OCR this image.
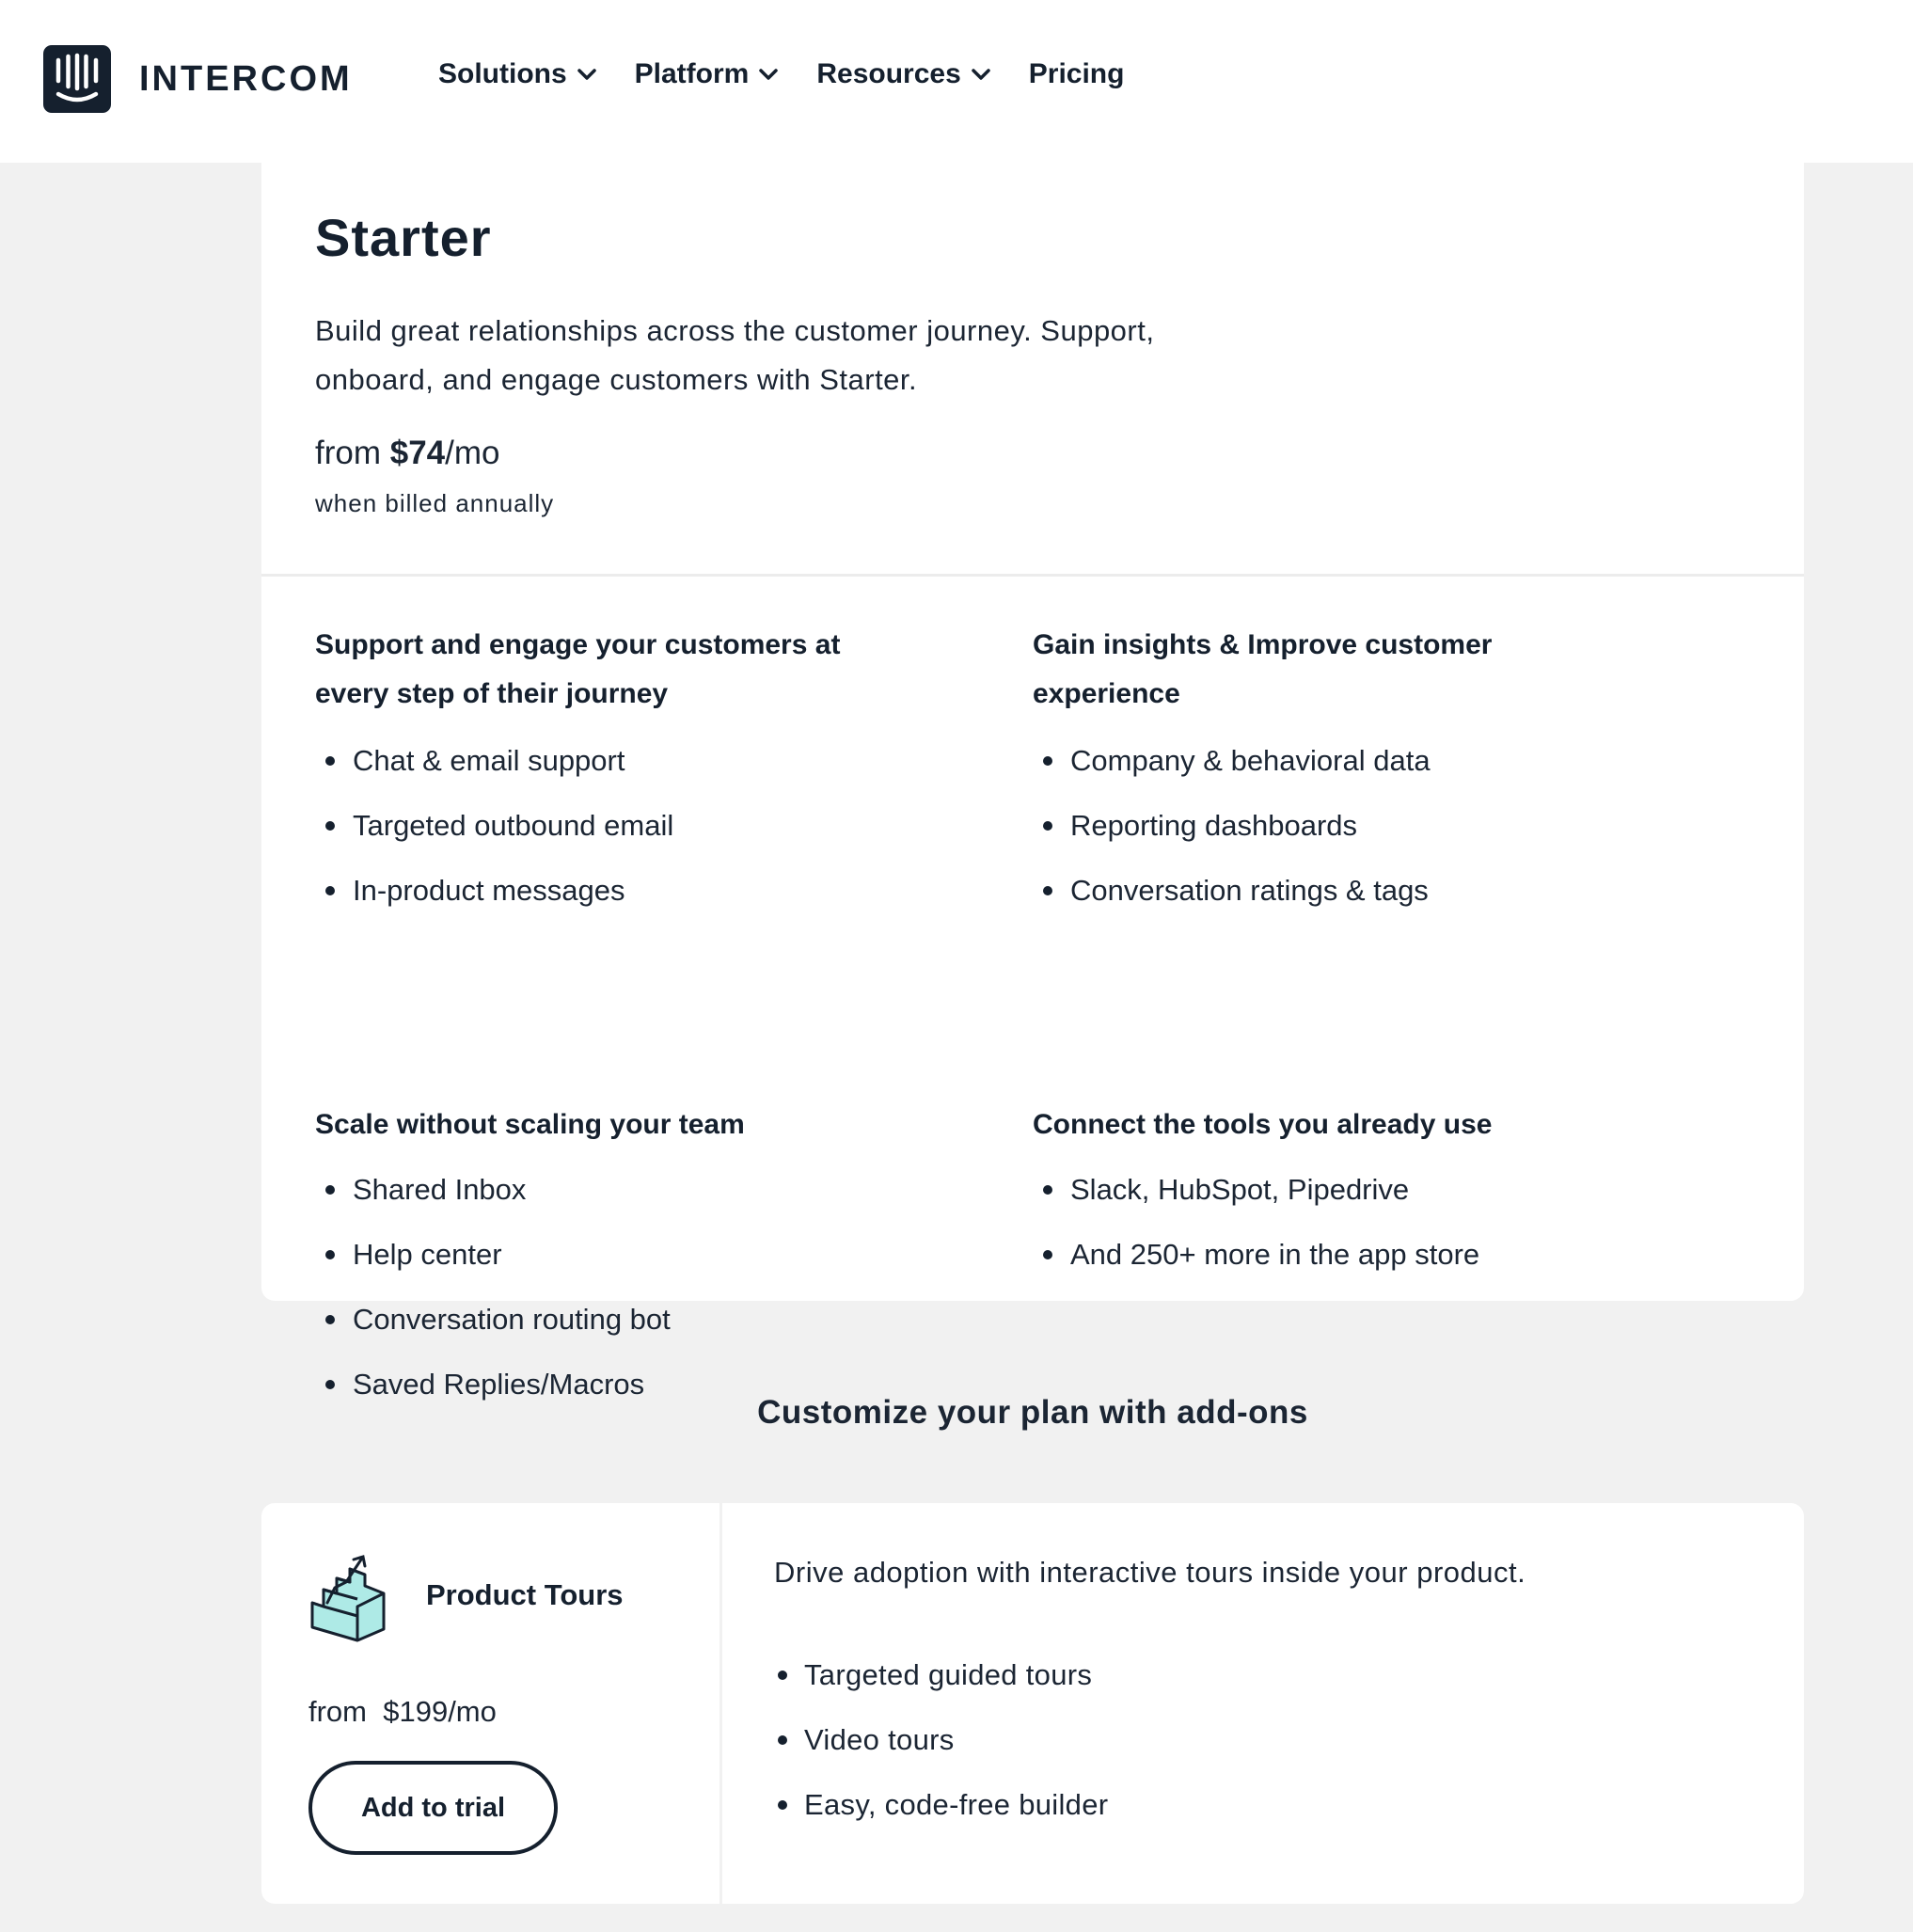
INTERCOM	Solutions Platform Resources Pricing
Starter

Build great relationships across the customer journey. Support, onboard, and engage customers with Starter.

from $74/mo
when billed annually
Support and engage your customers at every step of their journey
Chat & email support
Targeted outbound email
In-product messages
Gain insights & Improve customer experience
Company & behavioral data
Reporting dashboards
Conversation ratings & tags
Scale without scaling your team
Shared Inbox
Help center
Conversation routing bot
Saved Replies/Macros
Connect the tools you already use
Slack, HubSpot, Pipedrive
And 250+ more in the app store
Customize your plan with add-ons
Product Tours
from  $199/mo
Add to trial

Drive adoption with interactive tours inside your product.

Targeted guided tours
Video tours
Easy, code-free builder
